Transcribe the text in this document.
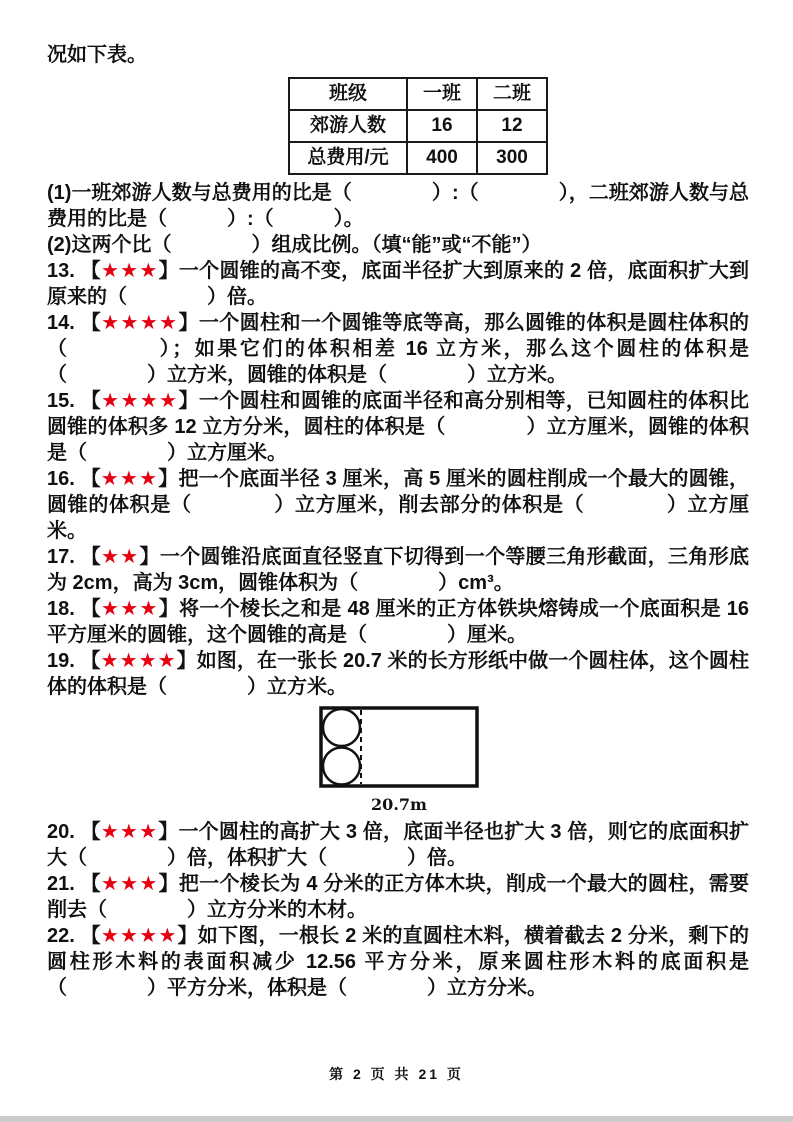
况如下表。

班级	一班	二班
郊游人数	16	12
总费用/元	400	300

(1)一班郊游人数与总费用的比是（　　　　）:（　　　　），二班郊游人数与总费用的比是（　　　）:（　　　）。

(2)这两个比（　　　　）组成比例。（填“能”或“不能”）

13. 【★★★】一个圆锥的高不变，底面半径扩大到原来的 2 倍，底面积扩大到原来的（　　　　）倍。

14. 【★★★★】一个圆柱和一个圆锥等底等高，那么圆锥的体积是圆柱体积的（　　　　）；如果它们的体积相差 16 立方米，那么这个圆柱的体积是（　　　　）立方米，圆锥的体积是（　　　　）立方米。

15. 【★★★★】一个圆柱和圆锥的底面半径和高分别相等，已知圆柱的体积比圆锥的体积多 12 立方分米，圆柱的体积是（　　　　）立方厘米，圆锥的体积是（　　　　）立方厘米。

16. 【★★★】把一个底面半径 3 厘米，高 5 厘米的圆柱削成一个最大的圆锥，圆锥的体积是（　　　　）立方厘米，削去部分的体积是（　　　　）立方厘米。

17. 【★★】一个圆锥沿底面直径竖直下切得到一个等腰三角形截面，三角形底为 2cm，高为 3cm，圆锥体积为（　　　　）cm³。

18. 【★★★】将一个棱长之和是 48 厘米的正方体铁块熔铸成一个底面积是 16 平方厘米的圆锥，这个圆锥的高是（　　　　）厘米。

19. 【★★★★】如图，在一张长 20.7 米的长方形纸中做一个圆柱体，这个圆柱体的体积是（　　　　）立方米。

20.7m

20. 【★★★】一个圆柱的高扩大 3 倍，底面半径也扩大 3 倍，则它的底面积扩大（　　　　）倍，体积扩大（　　　　）倍。

21. 【★★★】把一个棱长为 4 分米的正方体木块，削成一个最大的圆柱，需要削去（　　　　）立方分米的木材。

22. 【★★★★】如下图，一根长 2 米的直圆柱木料，横着截去 2 分米，剩下的圆柱形木料的表面积减少 12.56 平方分米，原来圆柱形木料的底面积是（　　　　）平方分米，体积是（　　　　）立方分米。

第 2 页 共 21 页
